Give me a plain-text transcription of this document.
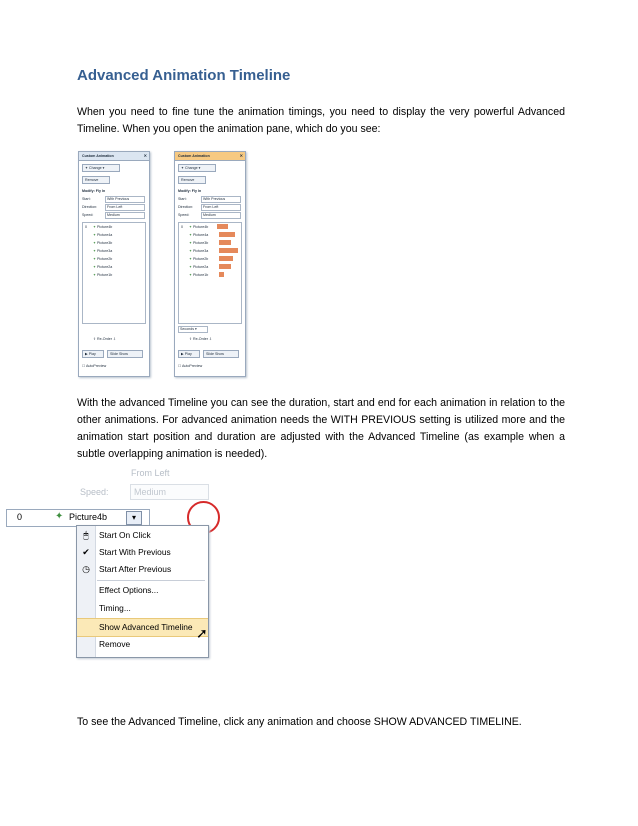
Advanced Animation Timeline
When you need to fine tune the animation timings, you need to display the very powerful Advanced Timeline. When you open the animation pane, which do you see:
Custom Animation	✕
✦ Change ▾
Remove
Modify: Fly In
Start:	With Previous
Direction:	From Left
Speed:	Medium
0 ✦Picture4b
✦Picture4a
✦Picture3b
✦Picture3a
✦Picture2b
✦Picture2a
✦Picture1b
⇧ Re-Order ⇩
▶ Play	Slide Show
☐ AutoPreview
Custom Animation	✕
✦ Change ▾
Remove
Modify: Fly In
Start:	With Previous
Direction:	From Left
Speed:	Medium
0 ✦Picture4b
✦Picture4a
✦Picture3b
✦Picture3a
✦Picture2b
✦Picture2a
✦Picture1b
Seconds ▾
⇧ Re-Order ⇩
▶ Play	Slide Show
☐ AutoPreview
With the advanced Timeline you can see the duration, start and end for each animation in relation to the other animations. For advanced animation needs the WITH PREVIOUS setting is utilized more and the animation start position and duration are adjusted with the Advanced Timeline (as example when a subtle overlapping animation is needed).
From Left
Speed:	Medium
0	✦ Picture4b	▾
🖱
✔
◷
Start On Click
Start With Previous
Start After Previous
Effect Options...
Timing...
Show Advanced Timeline
Remove
➚
To see the Advanced Timeline, click any animation and choose SHOW ADVANCED TIMELINE.
